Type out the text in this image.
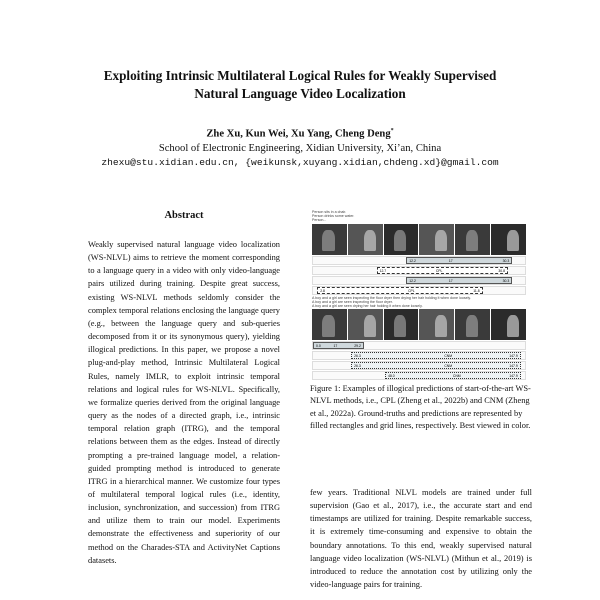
Exploiting Intrinsic Multilateral Logical Rules for Weakly Supervised
Natural Language Video Localization
Zhe Xu, Kun Wei, Xu Yang, Cheng Deng*
School of Electronic Engineering, Xidian University, Xi’an, China
zhexu@stu.xidian.edu.cn, {weikunsk,xuyang.xidian,chdeng.xd}@gmail.com
Abstract

Weakly supervised natural language video localization (WS-NLVL) aims to retrieve the moment corresponding to a language query in a video with only video-language pairs utilized during training. Despite great success, existing WS-NLVL methods seldomly consider the complex temporal relations enclosing the language query (e.g., between the language query and sub-queries decomposed from it or its synonymous query), yielding illogical predictions. In this paper, we propose a novel plug-and-play method, Intrinsic Multilateral Logical Rules, namely IMLR, to exploit intrinsic temporal relations and logical rules for WS-NLVL. Specifically, we formalize queries derived from the original language query as the nodes of a directed graph, i.e., intrinsic temporal relation graph (ITRG), and the temporal relations between them as the edges. Instead of directly prompting a pre-trained language model, a relation-guided prompting method is introduced to generate ITRG in a hierarchical manner. We customize four types of multilateral temporal logical rules (i.e., identity, inclusion, synchronization, and succession) from ITRG and utilize them to train our model. Experiments demonstrate the effectiveness and superiority of our method on the Charades-STA and ActivityNet Captions datasets.

Person sits in a chair.
Person drinks some water.
Person...
12.2	17	30.3
12.7	CPL	30.8
12.2	17	30.3
2.8	CPL	11.8
A boy and a girl are seen inspecting the floor dryer then drying her hair holding it when done loosely.
A boy and a girl are seen inspecting the floor dryer.
A boy and a girl are seen drying her hair holding it when done loosely.
0.0	17	29.2
26.3	CNM	147.9
26.3	CNM	147.9
48.0	CNM	147.9
Figure 1: Examples of illogical predictions of start-of-the-art WS-NLVL methods, i.e., CPL (Zheng et al., 2022b) and CNM (Zheng et al., 2022a). Ground-truths and predictions are represented by filled rectangles and grid lines, respectively. Best viewed in color.

few years. Traditional NLVL models are trained under full supervision (Gao et al., 2017), i.e., the accurate start and end timestamps are utilized for training. Despite remarkable success, it is extremely time-consuming and expensive to obtain the boundary annotations. To this end, weakly supervised natural language video localization (WS-NLVL) (Mithun et al., 2019) is introduced to reduce the annotation cost by utilizing only the video-language pairs for training.
